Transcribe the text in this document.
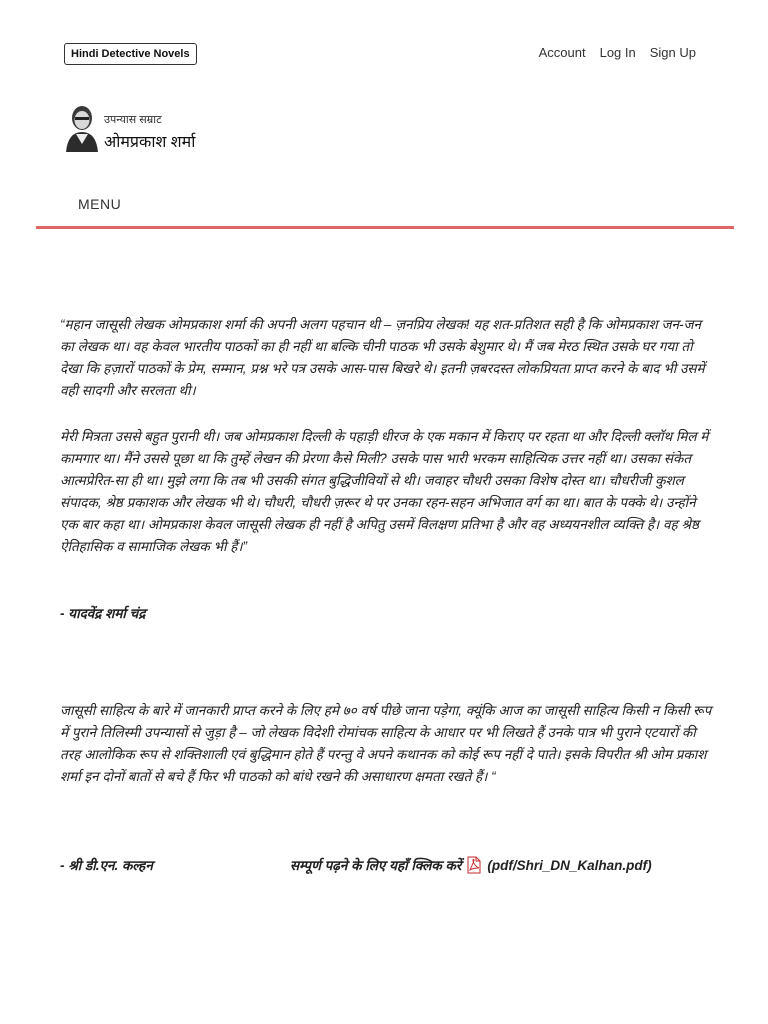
Hindi Detective Novels	Account Log In Sign Up
उपन्यास सम्राट
ओमप्रकाश शर्मा
MENU

“महान जासूसी लेखक ओमप्रकाश शर्मा की अपनी अलग पहचान थी – ज़नप्रिय लेखक! यह शत-प्रतिशत सही है कि ओमप्रकाश जन-जन का लेखक था। वह केवल भारतीय पाठकों का ही नहीं था बल्कि चीनी पाठक भी उसके बेशुमार थे। मैं जब मेरठ स्थित उसके घर गया तो देखा कि हज़ारों पाठकों के प्रेम, सम्मान, प्रश्न भरे पत्र उसके आस-पास बिखरे थे। इतनी ज़बरदस्त लोकप्रियता प्राप्त करने के बाद भी उसमें वही सादगी और सरलता थी।

मेरी मित्रता उससे बहुत पुरानी थी। जब ओमप्रकाश दिल्ली के पहाड़ी धीरज के एक मकान में किराए पर रहता था और दिल्ली क्लॉथ मिल में कामगार था। मैंने उससे पूछा था कि तुम्हें लेखन की प्रेरणा कैसे मिली? उसके पास भारी भरकम साहित्यिक उत्तर नहीं था। उसका संकेत आत्मप्रेरित-सा ही था। मुझे लगा कि तब भी उसकी संगत बुद्धिजीवियों से थी। जवाहर चौधरी उसका विशेष दोस्त था। चौधरीजी कुशल संपादक, श्रेष्ठ प्रकाशक और लेखक भी थे। चौधरी, चौधरी ज़रूर थे पर उनका रहन-सहन अभिजात वर्ग का था। बात के पक्के थे। उन्होंने एक बार कहा था। ओमप्रकाश केवल जासूसी लेखक ही नहीं है अपितु उसमें विलक्षण प्रतिभा है और वह अध्ययनशील व्यक्ति है। वह श्रेष्ठ ऐतिहासिक व सामाजिक लेखक भी हैं।”

- यादवेंद्र शर्मा चंद्र

जासूसी साहित्य के बारे में जानकारी प्राप्त करने के लिए हमे ७० वर्ष पीछे जाना पड़ेगा, क्यूंकि आज का जासूसी साहित्य किसी न किसी रूप में पुराने तिलिस्मी उपन्यासों से जुड़ा है – जो लेखक विदेशी रोमांचक साहित्य के आधार पर भी लिखते हैं उनके पात्र भी पुराने एटयारों की तरह आलोकिक रूप से शक्तिशाली एवं बुद्धिमान होते हैं परन्तु वे अपने कथानक को कोई रूप नहीं दे पाते। इसके विपरीत श्री ओम प्रकाश शर्मा इन दोनों बातों से बचे हैं फिर भी पाठको को बांधे रखने की असाधारण क्षमता रखते हैं। “

- श्री डी.एन. कल्हन	सम्पूर्ण पढ़ने के लिए यहाँ क्लिक करें (pdf/Shri_DN_Kalhan.pdf)
